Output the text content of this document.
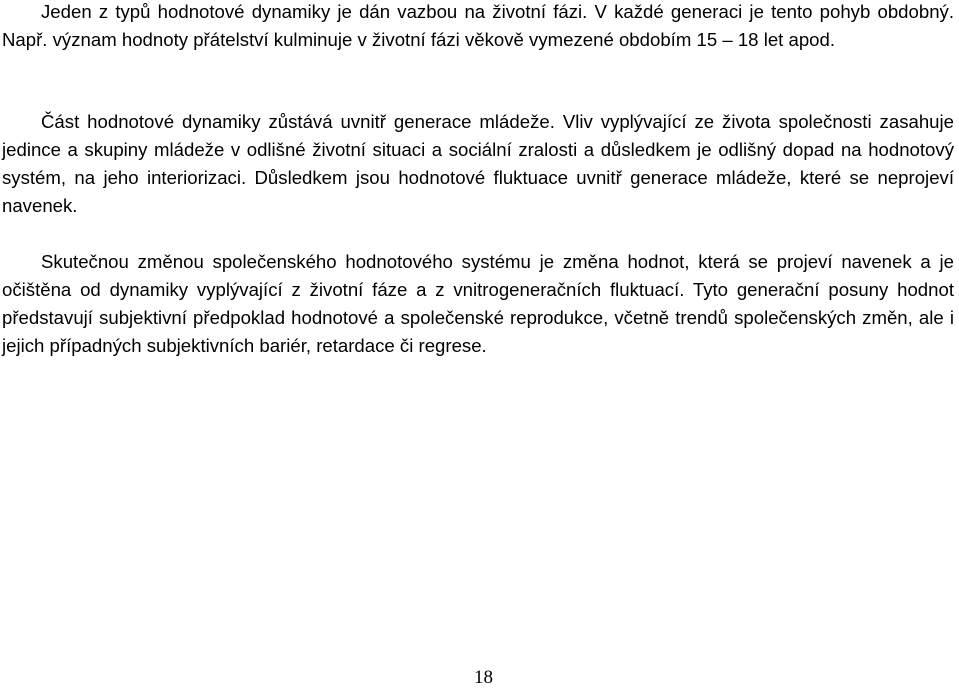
Jeden z typů hodnotové dynamiky je dán vazbou na životní fázi. V každé generaci je tento pohyb obdobný. Např. význam hodnoty přátelství kulminuje v životní fázi věkově vymezené obdobím 15 – 18 let apod.

Část hodnotové dynamiky zůstává uvnitř generace mládeže. Vliv vyplývající ze života společnosti zasahuje jedince a skupiny mládeže v odlišné životní situaci a sociální zralosti a důsledkem je odlišný dopad na hodnotový systém, na jeho interiorizaci. Důsledkem jsou hodnotové fluktuace uvnitř generace mládeže, které se neprojeví navenek.

Skutečnou změnou společenského hodnotového systému je změna hodnot, která se projeví navenek a je očištěna od dynamiky vyplývající z životní fáze a z vnitrogeneračních fluktuací. Tyto generační posuny hodnot představují subjektivní předpoklad hodnotové a společenské reprodukce, včetně trendů společenských změn, ale i jejich případných subjektivních bariér, retardace či regrese.

18
